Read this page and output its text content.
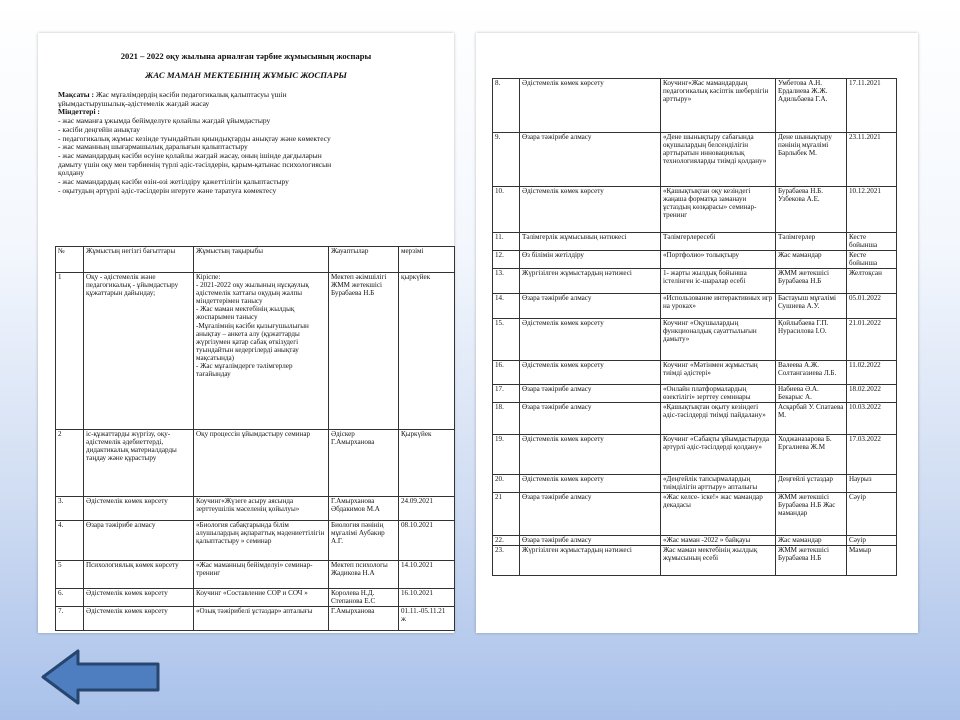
2021 – 2022 оқу жылына арналған тәрбие жұмысының жоспары
ЖАС МАМАН МЕКТЕБІНІҢ ЖҰМЫС ЖОСПАРЫ
Мақсаты : Жас мұғалімдердің кәсіби педагогикалық қалыптасуы үшін
ұйымдастырушылық-әдістемелік жағдай жасау
Міндеттері :
- жас маманға ұжымда бейімделуге қолайлы жағдай ұйымдастыру
- кәсіби деңгейін анықтау
- педагогикалық жұмыс кезінде туындайтын қиындықтарды анықтау және көмектесу
- жас маманның шығармашылық даралығын қалыптастыру
- жас мамандардың кәсіби өсуіне қолайлы жағдай жасау, оның ішінде дағдыларын
дамыту үшін оқу мен тәрбиенің түрлі әдіс-тәсілдерін, қарым-қатынас психологиясын
қолдану
- жас мамандардың кәсіби өзін-өзі жетілдіру қажеттілігін қалыптастыру
- оқытудың әртүрлі әдіс-тәсілдерін игеруге және таратуға көмектесу
№	Жұмыстың негізгі бағыттары	Жұмыстың тақырыбы	Жауаптылар	мерзімі
1	Оқу - әдістемелік және педагогикалық - ұйымдастыру құжаттарын дайындау;	Кіріспе:
- 2021-2022 оқу жылының нұсқаулық әдістемелік хаттағы оқудың жалпы міндеттерімен танысу
- Жас маман мектебінің жылдық жоспарымен танысу
-Мұғалімнің кәсіби қызығушылығын анықтау – анкета алу (құжаттарды жүргізумен қатар сабақ өткізудегі туындайтын кедергілерді анықтау мақсатында)
- Жас мұғалімдерге тәлімгерлер тағайындау	Мектеп әкімшілігі ЖММ жетекшісі Бурабаева Н.Б	қыркүйек
2	іс-құжаттарды жүргізу, оқу-әдістемелік әдебиеттерді, дидактикалық материалдарды таңдау және құрастыру	Оқу процессін ұйымдастыру семинар	Әдіскер Г.Амырханова	Қыркүйек
3.	Әдістемелік көмек көрсету	Коучинг«Жүзеге асыру аясында зерттеушілік мәселенің қойылуы»	Г.Амырханова Әбдакимов М.А	24.09.2021
4.	Өзара тәжірибе алмасу	«Биология сабақтарында білім алушылардың ақпараттық мәдениеттілігін қалыптастыру » семинар	Биология пәнінің мұғалімі Аубакир А.Г.	08.10.2021
5	Психологиялық көмек көрсету	«Жас маманның бейімделуі» семинар-тренинг	Мектеп психологы Жадикова Н.А	14.10.2021
6.	Әдістемелік көмек көрсету	Коучинг «Составление СОР и СОЧ »	Королева Н.Д. Степанова Е.С	16.10.2021
7.	Әдістемелік көмек көрсету	«Озық тәжірибелі ұстаздар» апталығы	Г.Амырханова	01.11.-05.11.21 ж
8.	Әдістемелік көмек көрсету	Коучинг«Жас мамандардың педагогикалық кәсіптік шеберлігін арттыру»	Умбетова А.Н. Ердалиева Ж.Ж. Адильбаева Г.А.	17.11.2021
9.	Өзара тәжірибе алмасу	«Дене шынықтыру сабағында оқушылардың белсенділігін арттыратын инновациялық технологияларды тиімді қолдану»	Дене шынықтыру пәнінің мұғалімі Барлыбек М.	23.11.2021
10.	Әдістемелік көмек көрсету	«Қашықтықтан оқу кезіндегі жаңаша форматқа заманауи ұстаздың көзқарасы» семинар-тренинг	Бурабаева Н.Б. Узбекова А.Е.	10.12.2021
11.	Тәлімгерлік жұмысының нәтижесі	Тәлімгерлересебі	Тәлімгерлер	Кесте бойынша
12.	Өз білімін жетілдіру	«Портфолио» толықтыру	Жас мамандар	Кесте бойынша
13.	Жүргізілген жұмыстардың нәтижесі	1- жарты жылдық бойынша істелінген іс-шаралар есебі	ЖММ жетекшісі Бурабаева Н.Б	Желтоқсан
14.	Өзара тәжірибе алмасу	«Использование интерактивных игр на уроках»	Бастауыш мұғалімі Сушиева А.У.	05.01.2022
15.	Әдістемелік көмек көрсету	Коучинг «Оқушылардың функционалдық сауаттылығын дамыту»	Қойлыбаева Г.П. Нурасилова І.О.	21.01.2022
16.	Әдістемелік көмек көрсету	Коучинг «Мәтінмен жұмыстың тиімді әдістері»	Валеева А.Ж. Солтангазиева Л.Б.	11.02.2022
17.	Өзара тәжірибе алмасу	«Онлайн платформалардың өзектілігі» зерттеу семинары	Набиева Ә.А. Бекарыс А.	18.02.2022
18.	Өзара тәжірибе алмасу	«Қашықтықтан оқыту кезіндегі әдіс-тәсілдерді тиімді пайдалану»	Асқарбай У. Спатаева М.	10.03.2022
19.	Әдістемелік көмек көрсету	Коучинг «Сабақты ұйымдастыруда әртүрлі әдіс-тәсілдерді қолдану»	Ходжаназарова Б. Ергалиева Ж.М	17.03.2022
20.	Әдістемелік көмек көрсету	«Деңгейлік тапсырмалардың тиімділігін арттыру» апталығы	Деңгейлі ұстаздар	Наурыз
21	Өзара тәжірибе алмасу	«Жас келсе- іске!» жас мамандар декадасы	ЖММ жетекшісі Бурабаева Н.Б Жас мамандар	Сәуір
22.	Өзара тәжірибе алмасу	«Жас маман -2022 » байқауы	Жас мамандар	Сәуір
23.	Жүргізілген жұмыстардың нәтижесі	Жас маман мектебінің жылдық жұмысының есебі	ЖММ жетекшісі Бурабаева Н.Б	Мамыр
